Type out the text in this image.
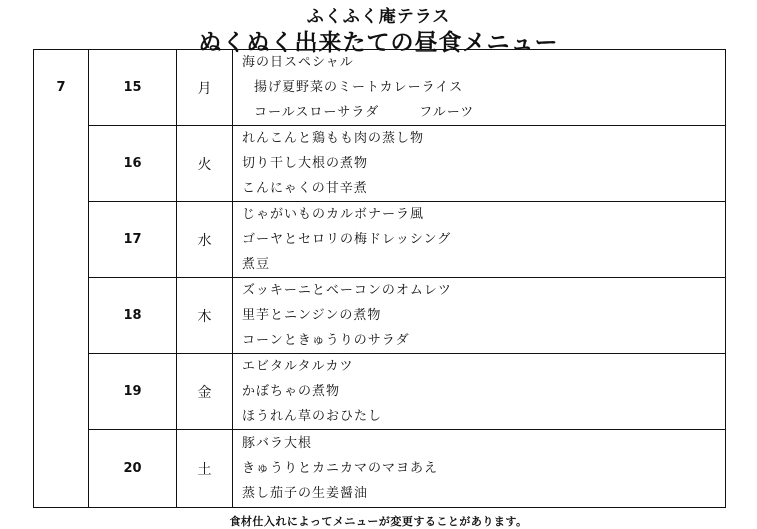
ふくふく庵テラス
ぬくぬく出来たての昼食メニュー
7	15	月	海の日スペシャル
揚げ夏野菜のミートカレーライス
コールスローサラダ フルーツ

	16	火	れんこんと鶏もも肉の蒸し物
切り干し大根の煮物
こんにゃくの甘辛煮

	17	水	じゃがいものカルボナーラ風
ゴーヤとセロリの梅ドレッシング
煮豆

	18	木	ズッキーニとベーコンのオムレツ
里芋とニンジンの煮物
コーンときゅうりのサラダ

	19	金	エビタルタルカツ
かぼちゃの煮物
ほうれん草のおひたし

	20	土	豚バラ大根
きゅうりとカニカマのマヨあえ
蒸し茄子の生姜醤油
食材仕入れによってメニューが変更することがあります。
